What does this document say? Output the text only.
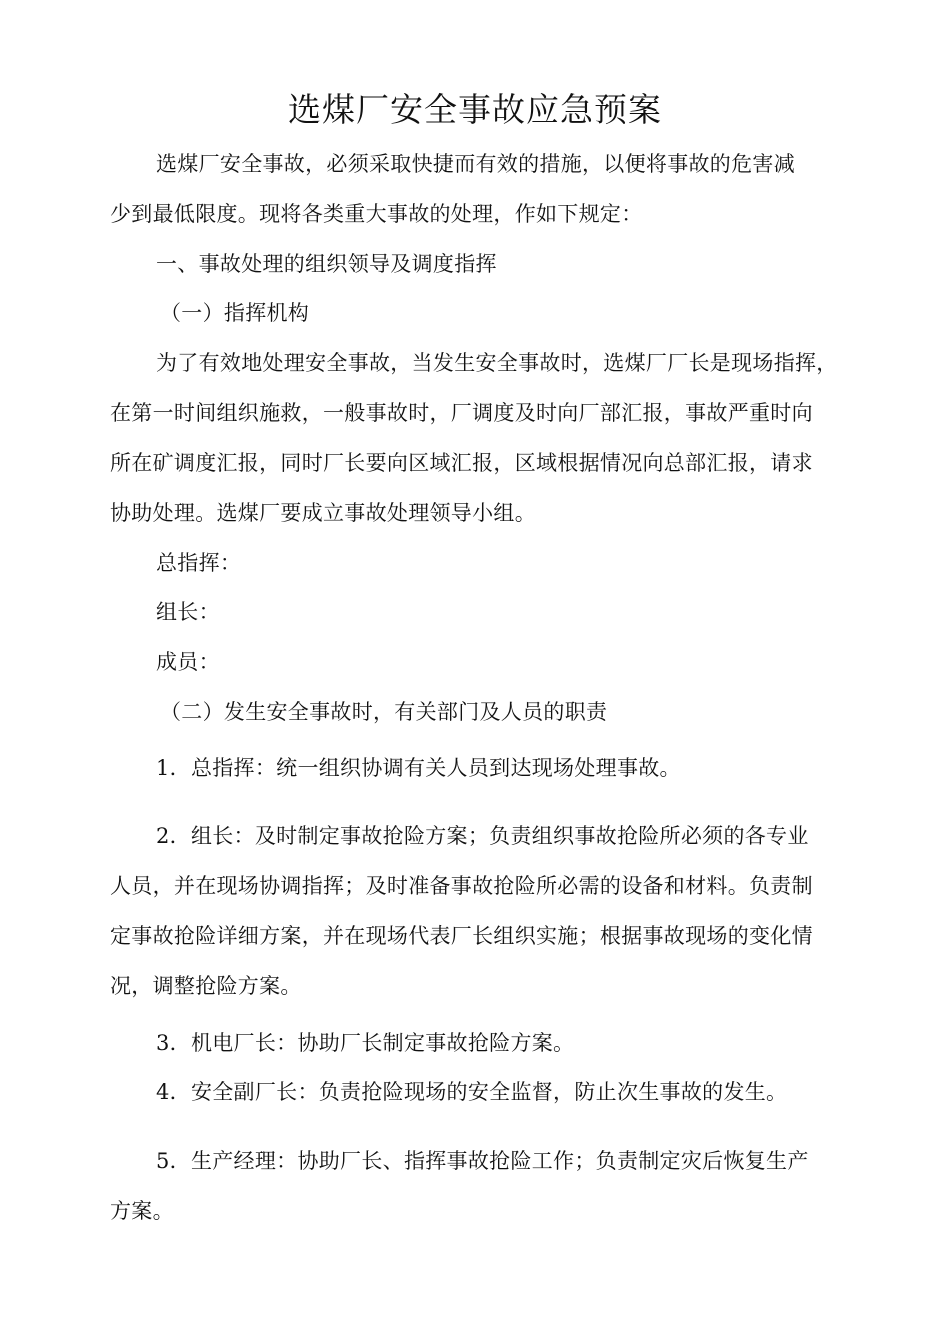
选煤厂安全事故应急预案
选煤厂安全事故，必须采取快捷而有效的措施，以便将事故的危害减
少到最低限度。现将各类重大事故的处理，作如下规定：
一、事故处理的组织领导及调度指挥
（一）指挥机构
为了有效地处理安全事故，当发生安全事故时，选煤厂厂长是现场指挥，
在第一时间组织施救，一般事故时，厂调度及时向厂部汇报，事故严重时向
所在矿调度汇报，同时厂长要向区域汇报，区域根据情况向总部汇报，请求
协助处理。选煤厂要成立事故处理领导小组。
总指挥：
组长：
成员：
（二）发生安全事故时，有关部门及人员的职责
1．总指挥：统一组织协调有关人员到达现场处理事故。
2．组长：及时制定事故抢险方案；负责组织事故抢险所必须的各专业
人员，并在现场协调指挥；及时准备事故抢险所必需的设备和材料。负责制
定事故抢险详细方案，并在现场代表厂长组织实施；根据事故现场的变化情
况，调整抢险方案。
3．机电厂长：协助厂长制定事故抢险方案。
4．安全副厂长：负责抢险现场的安全监督，防止次生事故的发生。
5．生产经理：协助厂长、指挥事故抢险工作；负责制定灾后恢复生产
方案。
